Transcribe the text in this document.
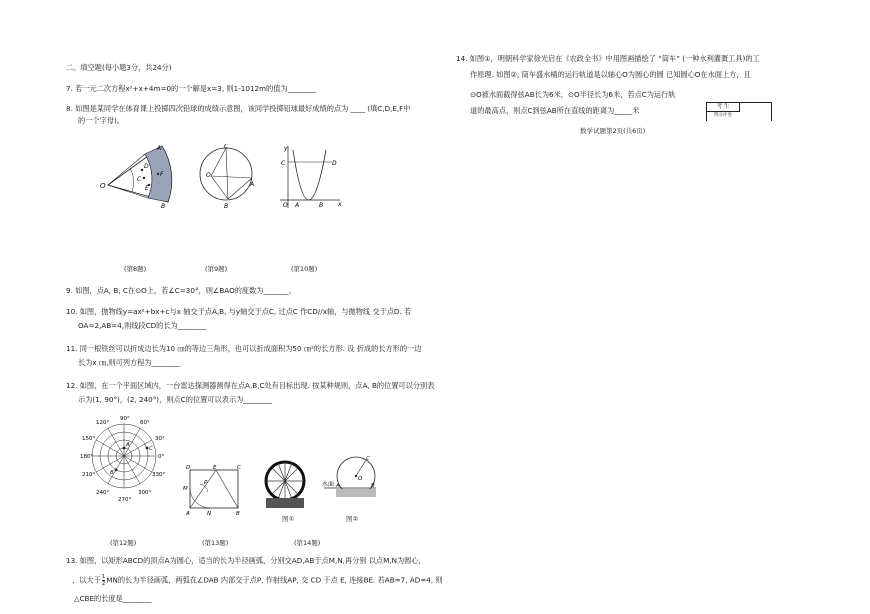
二、填空题(每小题3分，共24分)
7. 若一元二次方程x²+x+4m=0的一个解是x=3, 则1-1012m的值为________
8. 如图是某同学在体育课上投掷四次铅球的成绩示意图，该同学投掷铅球最好成绩的点为 ____ (填C,D,E,F中
的一个字母)。
O
A
B
C
E
F
D
O
A
B
C	y
x
C	D
O A	B
(第8题)	(第9题)	(第10题)
9. 如图，点A, B, C在⊙O上，若∠C=30°，则∠BAO的度数为_______。
10. 如图，抛物线y=ax²+bx+c与x 轴交于点A,B, 与y轴交于点C, 过点C 作CD//x轴，与抛物线 交于点D. 若
OA=2,AB=4,则线段CD的长为________
11. 同一根铁丝可以折成边长为10 ㎝的等边三角形，也可以折成面积为50 ㎝²的长方形. 设 折成的长方形的一边
长为x ㎝,则可列方程为________
12. 如图，在一个平面区域内，一台雷达探测器测得在点A,B,C处有目标出现. 按某种规则，点A, B的位置可以分别表
示为(1, 90°)，(2, 240°)，则点C的位置可以表示为________
90°
60°
30°
0°
330°
300°
270°
240°
210°
180°
150°
120°
A
B
C
D	E	C
M
P
A	N	B
C
O
A	B
水面
图①	图②
(第12题)	(第13题)	(第14题)
13. 如图，以矩形ABCD的顶点A为圆心，适当的长为半径画弧，分别交AD,AB于点M,N,再分别 以点M,N为圆心，
，以大于 $\frac{1}{2}$ MN的长为半径画弧，两弧在∠DAB 内部交于点P, 作射线AP, 交 CD 于点 E, 连接BE. 若AB=7, AD=4, 则
△CBE的长度是________
14. 如图①，明朝科学家徐光启在《农政全书》中用图画描绘了 “筒车” (一种水利灌溉工具)的工
作原理. 如图②, 筒车盛水桶的运行轨道是以轴心O为圆心的圆 已知圆心O在水面上方，且
⊙O被水面截得弦AB长为6米，⊙O半径长为6米，若点C为运行轨
道的最高点，则点C到弦AB所在直线的距离为_____米	考 生
得分评卷
数学试题第2页(共6页)
